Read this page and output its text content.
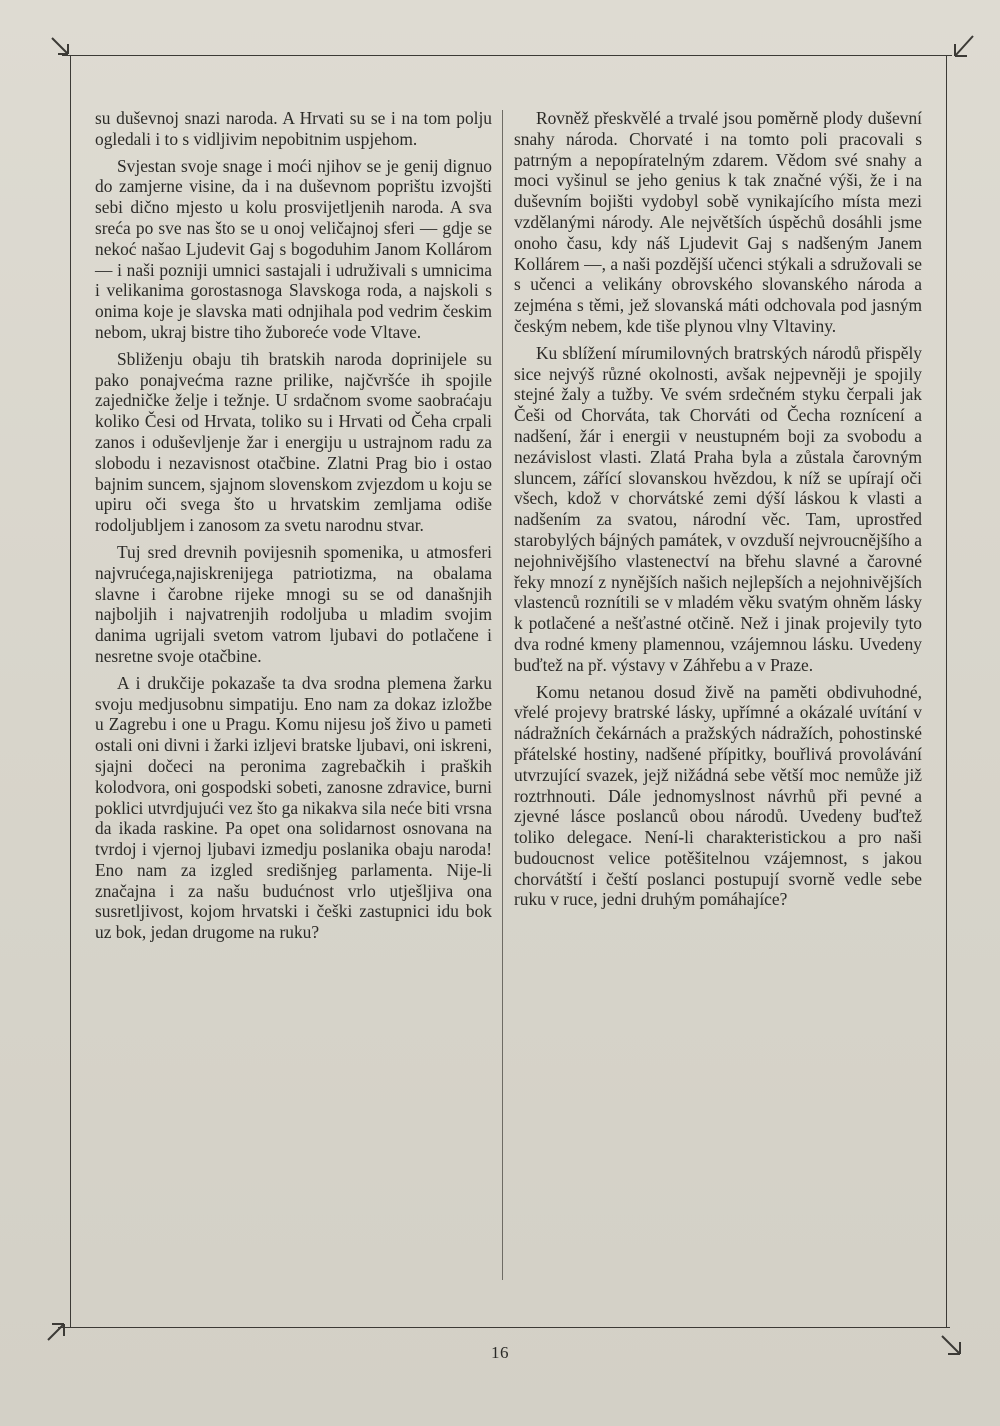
su duševnoj snazi naroda. A Hrvati su se i na tom polju ogledali i to s vidljivim nepobitnim uspjehom.

Svjestan svoje snage i moći njihov se je genij dignuo do zamjerne visine, da i na duševnom poprištu izvojšti sebi dično mjesto u kolu prosvijetljenih naroda. A sva sreća po sve nas što se u onoj veličajnoj sferi — gdje se nekoć našao Ljudevit Gaj s bogoduhim Janom Kollárom — i naši pozniji umnici sastajali i udruživali s umnicima i velikanima gorostasnoga Slavskoga roda, a najskoli s onima koje je slavska mati odnjihala pod vedrim českim nebom, ukraj bistre tiho žuboreće vode Vltave.

Sbliženju obaju tih bratskih naroda doprinijele su pako ponajvećma razne prilike, najčvršće ih spojile zajedničke želje i težnje. U srdačnom svome saobraćaju koliko Česi od Hrvata, toliko su i Hrvati od Čeha crpali zanos i oduševljenje žar i energiju u ustrajnom radu za slobodu i nezavisnost otačbine. Zlatni Prag bio i ostao bajnim suncem, sjajnom slovenskom zvjezdom u koju se upiru oči svega što u hrvatskim zemljama odiše rodoljubljem i zanosom za svetu narodnu stvar.

Tuj sred drevnih povijesnih spomenika, u atmosferi najvrućega,najiskrenijega patriotizma, na obalama slavne i čarobne rijeke mnogi su se od današnjih najboljih i najvatrenjih rodoljuba u mladim svojim danima ugrijali svetom vatrom ljubavi do potlačene i nesretne svoje otačbine.

A i drukčije pokazaše ta dva srodna plemena žarku svoju medjusobnu simpatiju. Eno nam za dokaz izložbe u Zagrebu i one u Pragu. Komu nijesu još živo u pameti ostali oni divni i žarki izljevi bratske ljubavi, oni iskreni, sjajni dočeci na peronima zagrebačkih i praških kolodvora, oni gospodski sobeti, zanosne zdravice, burni poklici utvrdjujući vez što ga nikakva sila neće biti vrsna da ikada raskine. Pa opet ona solidarnost osnovana na tvrdoj i vjernoj ljubavi izmedju poslanika obaju naroda! Eno nam za izgled središnjeg parlamenta. Nije-li značajna i za našu budućnost vrlo utješljiva ona susretljivost, kojom hrvatski i češki zastupnici idu bok uz bok, jedan drugome na ruku?

Rovněž přeskvělé a trvalé jsou poměrně plody duševní snahy národa. Chorvaté i na tomto poli pracovali s patrným a nepopíratelným zdarem. Vědom své snahy a moci vyšinul se jeho genius k tak značné výši, že i na duševním bojišti vydobyl sobě vynikajícího místa mezi vzdělanými národy. Ale největších úspěchů dosáhli jsme onoho času, kdy náš Ljudevit Gaj s nadšeným Janem Kollárem —, a naši pozdější učenci stýkali a sdružovali se s učenci a velikány obrovského slovanského národa a zejména s těmi, jež slovanská máti odchovala pod jasným českým nebem, kde tiše plynou vlny Vltaviny.

Ku sblížení mírumilovných bratrských národů přispěly sice nejvýš různé okolnosti, avšak nejpevněji je spojily stejné žaly a tužby. Ve svém srdečném styku čerpali jak Češi od Chorváta, tak Chorváti od Čecha roznícení a nadšení, žár i energii v neustupném boji za svobodu a nezávislost vlasti. Zlatá Praha byla a zůstala čarovným sluncem, zářící slovanskou hvězdou, k níž se upírají oči všech, kdož v chorvátské zemi dýší láskou k vlasti a nadšením za svatou, národní věc. Tam, uprostřed starobylých bájných památek, v ovzduší nejvroucnějšího a nejohnivějšího vlastenectví na břehu slavné a čarovné řeky mnozí z nynějších našich nejlepších a nejohnivějších vlastenců roznítili se v mladém věku svatým ohněm lásky k potlačené a nešťastné otčině. Než i jinak projevily tyto dva rodné kmeny plamennou, vzájemnou lásku. Uvedeny buďtež na př. výstavy v Záhřebu a v Praze.

Komu netanou dosud živě na paměti obdivuhodné, vřelé projevy bratrské lásky, upřímné a okázalé uvítání v nádražních čekárnách a pražských nádražích, pohostinské přátelské hostiny, nadšené přípitky, bouřlivá provolávání utvrzující svazek, jejž nižádná sebe větší moc nemůže již roztrhnouti. Dále jednomyslnost návrhů při pevné a zjevné lásce poslanců obou národů. Uvedeny buďtež toliko delegace. Není-li charakteristickou a pro naši budoucnost velice potěšitelnou vzájemnost, s jakou chorvátští i čeští poslanci postupují svorně vedle sebe ruku v ruce, jedni druhým pomáhajíce?

16
